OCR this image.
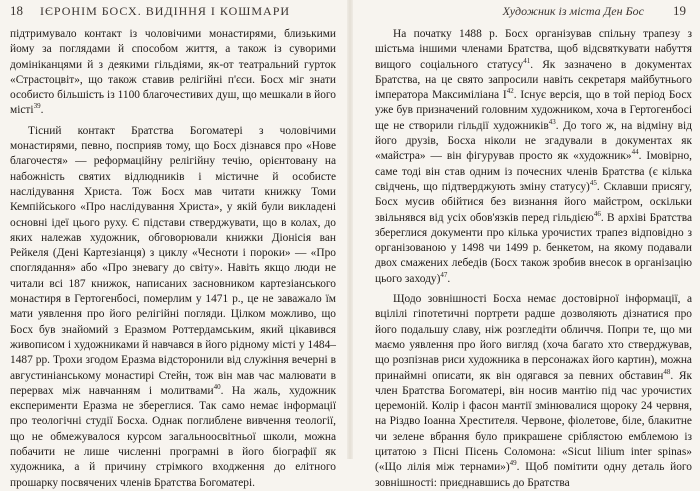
18 ІЄРОНІМ БОСХ. ВИДІННЯ І КОШМАРИ

підтримувало контакт із чоловічими монастирями, близькими йому за поглядами й способом життя, а також із суворими домініканцями й з деякими гільдіями, як-от театральний гурток «Страстоцвіт», що також ставив релігійні п'єси. Босх міг знати особисто більшість із 1100 благочестивих душ, що мешкали в його місті$^{39}$.

Тісний контакт Братства Богоматері з чоловічими монастирями, певно, посприяв тому, що Босх дізнався про «Нове благочестя» — реформаційну релігійну течію, орієнтовану на набожність святих відлюдників і містичне й особисте наслідування Христа. Тож Босх мав читати книжку Томи Кемпійського «Про наслідування Христа», у якій були викладені основні ідеї цього руху. Є підстави стверджувати, що в колах, до яких належав художник, обговорювали книжки Діонісія ван Рейкеля (Дені Картезіанця) з циклу «Чесноти і пороки» — «Про споглядання» або «Про зневагу до світу». Навіть якщо люди не читали всі 187 книжок, написаних засновником картезіанського монастиря в Гертогенбосі, померлим у 1471 р., це не заважало їм мати уявлення про його релігійні погляди. Цілком можливо, що Босх був знайомий з Еразмом Роттердамським, який цікавився живописом і художниками й навчався в його рідному місті у 1484–1487 рр. Трохи згодом Еразма відсторонили від служіння вечерні в августиніанському монастирі Стейн, тож він мав час малювати в перервах між навчанням і молитвами$^{40}$. На жаль, художник експерименти Еразма не збереглися. Так само немає інформації про теологічні студії Босха. Однак поглиблене вивчення теології, що не обмежувалося курсом загальноосвітньої школи, можна побачити не лише численні програмні в його біографії як художника, а й причину стрімкого входження до елітного прошарку посвячених членів Братства Богоматері.

Художник із міста Ден Бос 19

На початку 1488 р. Босх організував спільну трапезу з шістьма іншими членами Братства, щоб відсвяткувати набуття вищого соціального статусу$^{41}$. Як зазначено в документах Братства, на це свято запросили навіть секретаря майбутнього імператора Максиміліана I$^{42}$. Існує версія, що в той період Босх уже був призначений головним художником, хоча в Гертогенбосі ще не створили гільдії художників$^{43}$. До того ж, на відміну від його друзів, Босха ніколи не згадували в документах як «майстра» — він фігурував просто як «художник»$^{44}$. Імовірно, саме тоді він став одним із почесних членів Братства (є кілька свідчень, що підтверджують зміну статусу)$^{45}$. Склавши присягу, Босх мусив обійтися без визнання його майстром, оскільки звільнявся від усіх обов'язків перед гільдією$^{46}$. В архіві Братства збереглися документи про кілька урочистих трапез відповідно з організованою у 1498 чи 1499 р. бенкетом, на якому подавали двох смажених лебедів (Босх також зробив внесок в організацію цього заходу)$^{47}$.

Щодо зовнішності Босха немає достовірної інформації, а вцілілі гіпотетичні портрети радше дозволяють дізнатися про його подальшу славу, ніж розгледіти обличчя. Попри те, що ми маємо уявлення про його вигляд (хоча багато хто стверджував, що розпізнав риси художника в персонажах його картин), можна принаймні описати, як він одягався за певних обставин$^{48}$. Як член Братства Богоматері, він носив мантію під час урочистих церемоній. Колір і фасон мантії змінювалися щороку 24 червня, на Різдво Іоанна Хрестителя. Червоне, фіолетове, біле, блакитне чи зелене вбрання було прикрашене сріблястою емблемою із цитатою з Пісні Пісень Соломона: «Sicut lilium inter spinas» («Що лілія між тернами»)$^{49}$. Щоб помітити одну деталь його зовнішності: приєднавшись до Братства
